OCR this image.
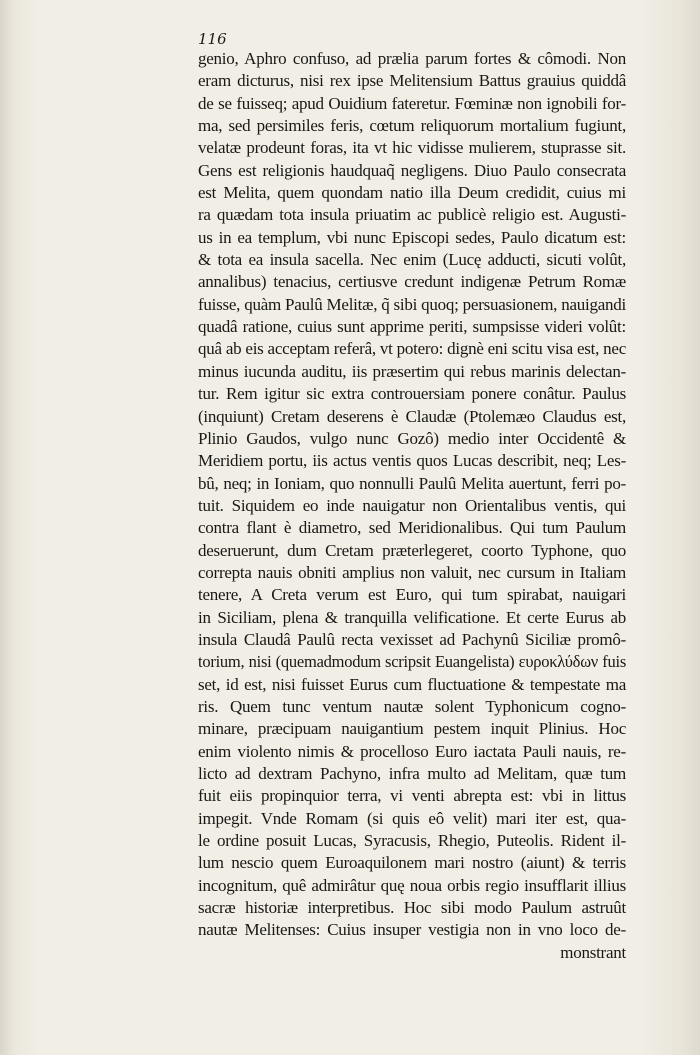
116
genio, Aphro confuso, ad prælia parum fortes & cômodi. Non
eram dicturus, nisi rex ipse Melitensium Battus grauius quiddâ
de se fuisseq; apud Ouidium fateretur. Fœminæ non ignobili for-
ma, sed persimiles feris, cœtum reliquorum mortalium fugiunt,
velatæ prodeunt foras, ita vt hic vidisse mulierem, stuprasse sit.
Gens est religionis haudquaq̃ negligens. Diuo Paulo consecrata
est Melita, quem quondam natio illa Deum credidit, cuius mi
ra quædam tota insula priuatim ac publicè religio est. Augusti-
us in ea templum, vbi nunc Episcopi sedes, Paulo dicatum est:
& tota ea insula sacella. Nec enim (Lucę adducti, sicuti volût,
annalibus) tenacius, certiusve credunt indigenæ Petrum Romæ
fuisse, quàm Paulû Melitæ, q̃ sibi quoq; persuasionem, nauigandi
quadâ ratione, cuius sunt apprime periti, sumpsisse videri volût:
quâ ab eis acceptam referâ, vt potero: dignè eni scitu visa est, nec
minus iucunda auditu, iis præsertim qui rebus marinis delectan-
tur. Rem igitur sic extra controuersiam ponere conâtur. Paulus
(inquiunt) Cretam deserens è Claudæ (Ptolemæo Claudus est,
Plinio Gaudos, vulgo nunc Gozô) medio inter Occidentê &
Meridiem portu, iis actus ventis quos Lucas describit, neq; Les-
bû, neq; in Ioniam, quo nonnulli Paulû Melita auertunt, ferri po-
tuit. Siquidem eo inde nauigatur non Orientalibus ventis, qui
contra flant è diametro, sed Meridionalibus. Qui tum Paulum
deseruerunt, dum Cretam præterlegeret, coorto Typhone, quo
correpta nauis obniti amplius non valuit, nec cursum in Italiam
tenere, A Creta verum est Euro, qui tum spirabat, nauigari
in Siciliam, plena & tranquilla velificatione. Et certe Eurus ab
insula Claudâ Paulû recta vexisset ad Pachynû Siciliæ promô-
torium, nisi (quemadmodum scripsit Euangelista) ευροκλύδων fuis
set, id est, nisi fuisset Eurus cum fluctuatione & tempestate ma
ris. Quem tunc ventum nautæ solent Typhonicum cogno-
minare, præcipuam nauigantium pestem inquit Plinius. Hoc
enim violento nimis & procelloso Euro iactata Pauli nauis, re-
licto ad dextram Pachyno, infra multo ad Melitam, quæ tum
fuit eiis propinquior terra, vi venti abrepta est: vbi in littus
impegit. Vnde Romam (si quis eô velit) mari iter est, qua-
le ordine posuit Lucas, Syracusis, Rhegio, Puteolis. Rident il-
lum nescio quem Euroaquilonem mari nostro (aiunt) & terris
incognitum, quê admirâtur quę noua orbis regio insufflarit illius
sacræ historiæ interpretibus. Hoc sibi modo Paulum astruût
nautæ Melitenses: Cuius insuper vestigia non in vno loco de-
monstrant
